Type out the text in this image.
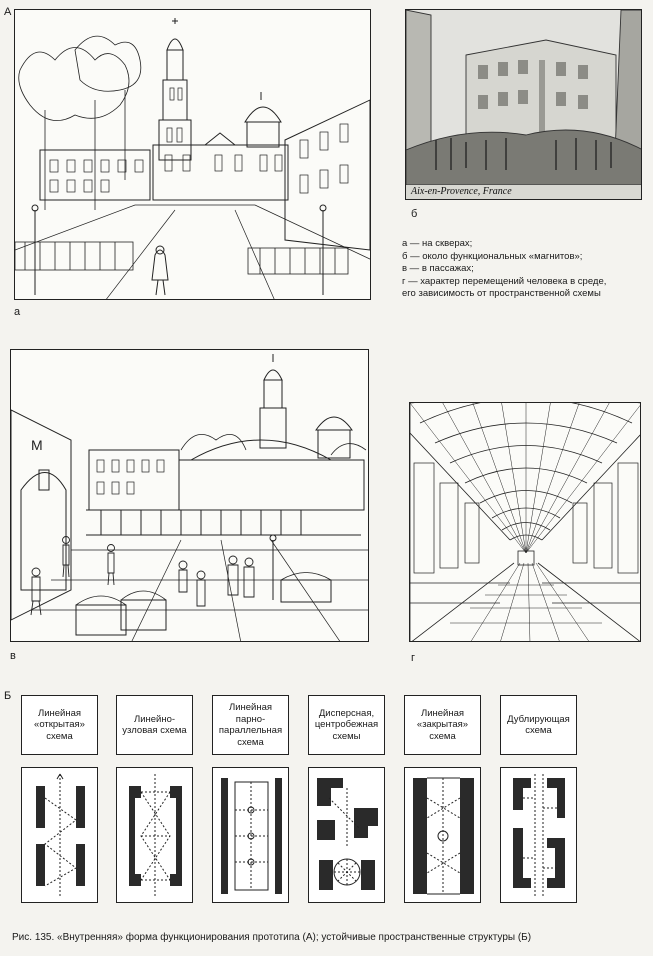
А
а
Aix-en-Provence, France
б
а — на скверах;
б — около функциональных «магнитов»;
в — в пассажах;
г — характер перемещений человека в среде,
его зависимость от пространственной схемы
M
в	г
Б
Линейная «открытая» схема
Линейно-узловая схема
Линейная парно-параллельная схема
Дисперсная, центробежная схемы
Линейная «закрытая» схема
Дублирующая схема
Рис. 135. «Внутренняя» форма функционирования прототипа (А); устойчивые пространственные структуры (Б)
